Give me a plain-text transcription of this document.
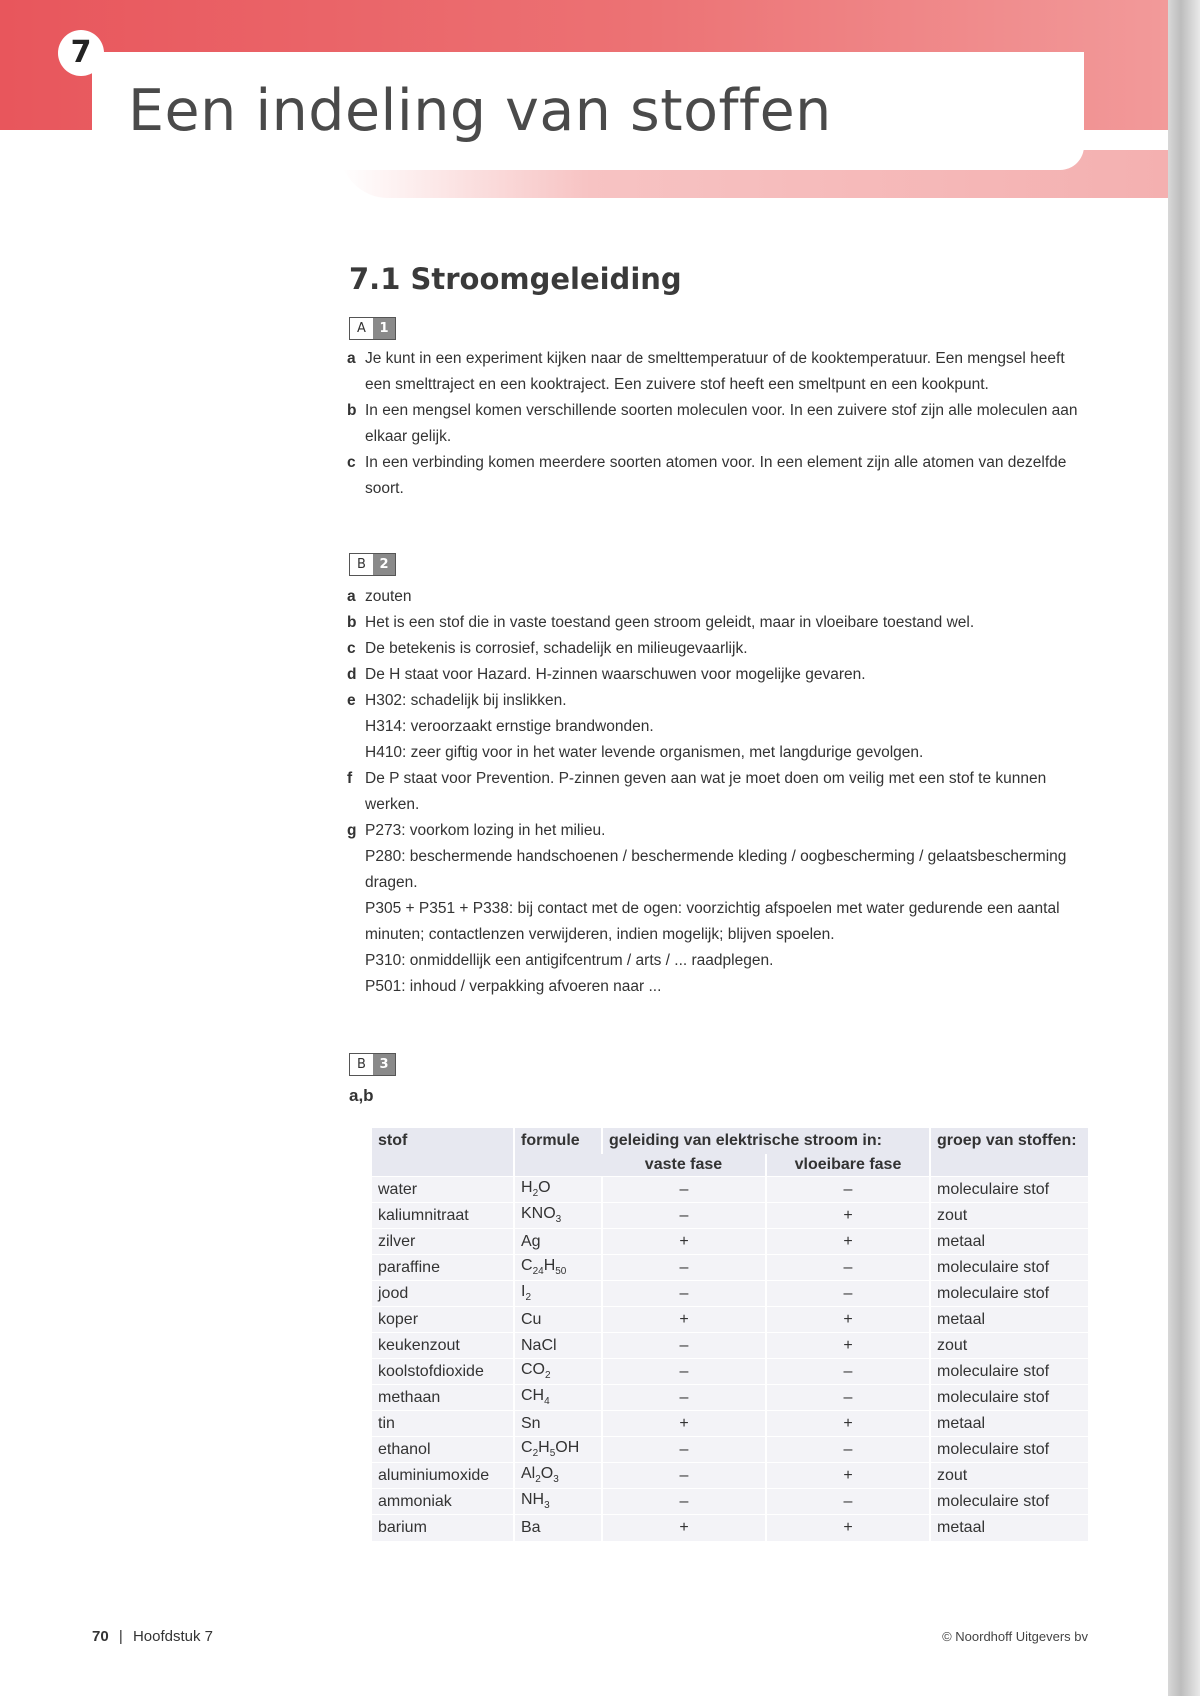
7
Een indeling van stoffen
7.1 Stroomgeleiding
A	1
a Je kunt in een experiment kijken naar de smelttemperatuur of de kooktemperatuur. Een mengsel heeft een smelttraject en een kooktraject. Een zuivere stof heeft een smeltpunt en een kookpunt.
b In een mengsel komen verschillende soorten moleculen voor. In een zuivere stof zijn alle moleculen aan elkaar gelijk.
c In een verbinding komen meerdere soorten atomen voor. In een element zijn alle atomen van dezelfde soort.
B	2
a zouten
b Het is een stof die in vaste toestand geen stroom geleidt, maar in vloeibare toestand wel.
c De betekenis is corrosief, schadelijk en milieugevaarlijk.
d De H staat voor Hazard. H-zinnen waarschuwen voor mogelijke gevaren.
e H302: schadelijk bij inslikken.
H314: veroorzaakt ernstige brandwonden.
H410: zeer giftig voor in het water levende organismen, met langdurige gevolgen.
f De P staat voor Prevention. P-zinnen geven aan wat je moet doen om veilig met een stof te kunnen werken.
g P273: voorkom lozing in het milieu.
P280: beschermende handschoenen / beschermende kleding / oogbescherming / gelaatsbescherming dragen.
P305 + P351 + P338: bij contact met de ogen: voorzichtig afspoelen met water gedurende een aantal minuten; contactlenzen verwijderen, indien mogelijk; blijven spoelen.
P310: onmiddellijk een antigifcentrum / arts / ... raadplegen.
P501: inhoud / verpakking afvoeren naar ...
B	3
a,b
stof	formule	geleiding van elektrische stroom in:		groep van stoffen:
		vaste fase	vloeibare fase	
water	$H_2O$	–	–	moleculaire stof
kaliumnitraat	$KNO_3$	–	+	zout
zilver	Ag	+	+	metaal
paraffine	$C_{24}H_{50}$	–	–	moleculaire stof
jood	$I_2$	–	–	moleculaire stof
koper	Cu	+	+	metaal
keukenzout	NaCl	–	+	zout
koolstofdioxide	$CO_2$	–	–	moleculaire stof
methaan	$CH_4$	–	–	moleculaire stof
tin	Sn	+	+	metaal
ethanol	$C_2H_5OH$	–	–	moleculaire stof
aluminiumoxide	$Al_2O_3$	–	+	zout
ammoniak	$NH_3$	–	–	moleculaire stof
barium	Ba	+	+	metaal
70 | Hoofdstuk 7	© Noordhoff Uitgevers bv
